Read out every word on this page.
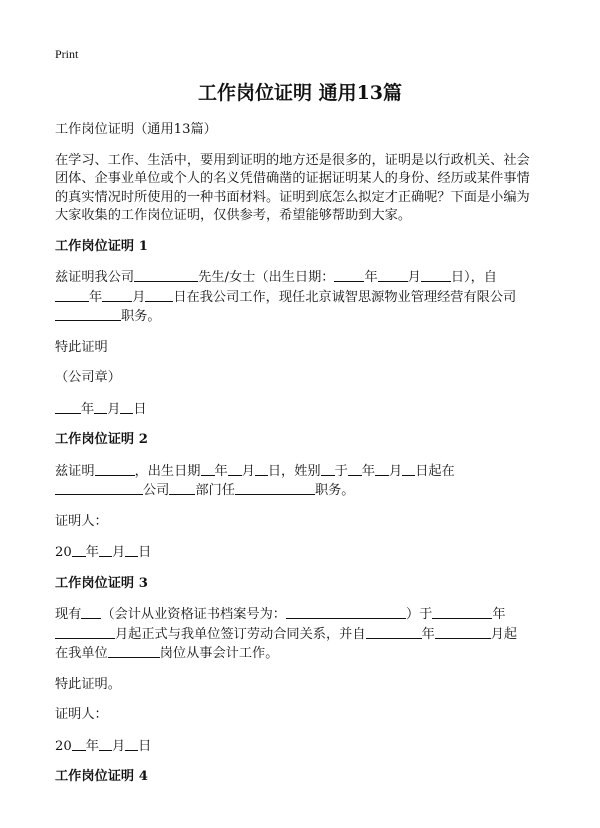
Print
工作岗位证明 通用13篇

工作岗位证明（通用13篇）

在学习、工作、生活中，要用到证明的地方还是很多的，证明是以行政机关、社会
团体、企事业单位或个人的名义凭借确凿的证据证明某人的身份、经历或某件事情
的真实情况时所使用的一种书面材料。证明到底怎么拟定才正确呢？下面是小编为
大家收集的工作岗位证明，仅供参考，希望能够帮助到大家。

工作岗位证明 1

兹证明我公司	先生/女士（出生日期： 年 月 日），自
年 月 日在我公司工作，现任北京诚智思源物业管理经营有限公司
职务。

特此证明

（公司章）

年 月 日

工作岗位证明 2

兹证明	，出生日期 年 月 日，姓别 于 年 月 日起在
公司 部门任	职务。

证明人：

20 年 月 日

工作岗位证明 3

现有 （会计从业资格证书档案号为：	）于	年
月起正式与我单位签订劳动合同关系，并自	年	月起
在我单位	岗位从事会计工作。

特此证明。

证明人：

20 年 月 日

工作岗位证明 4
